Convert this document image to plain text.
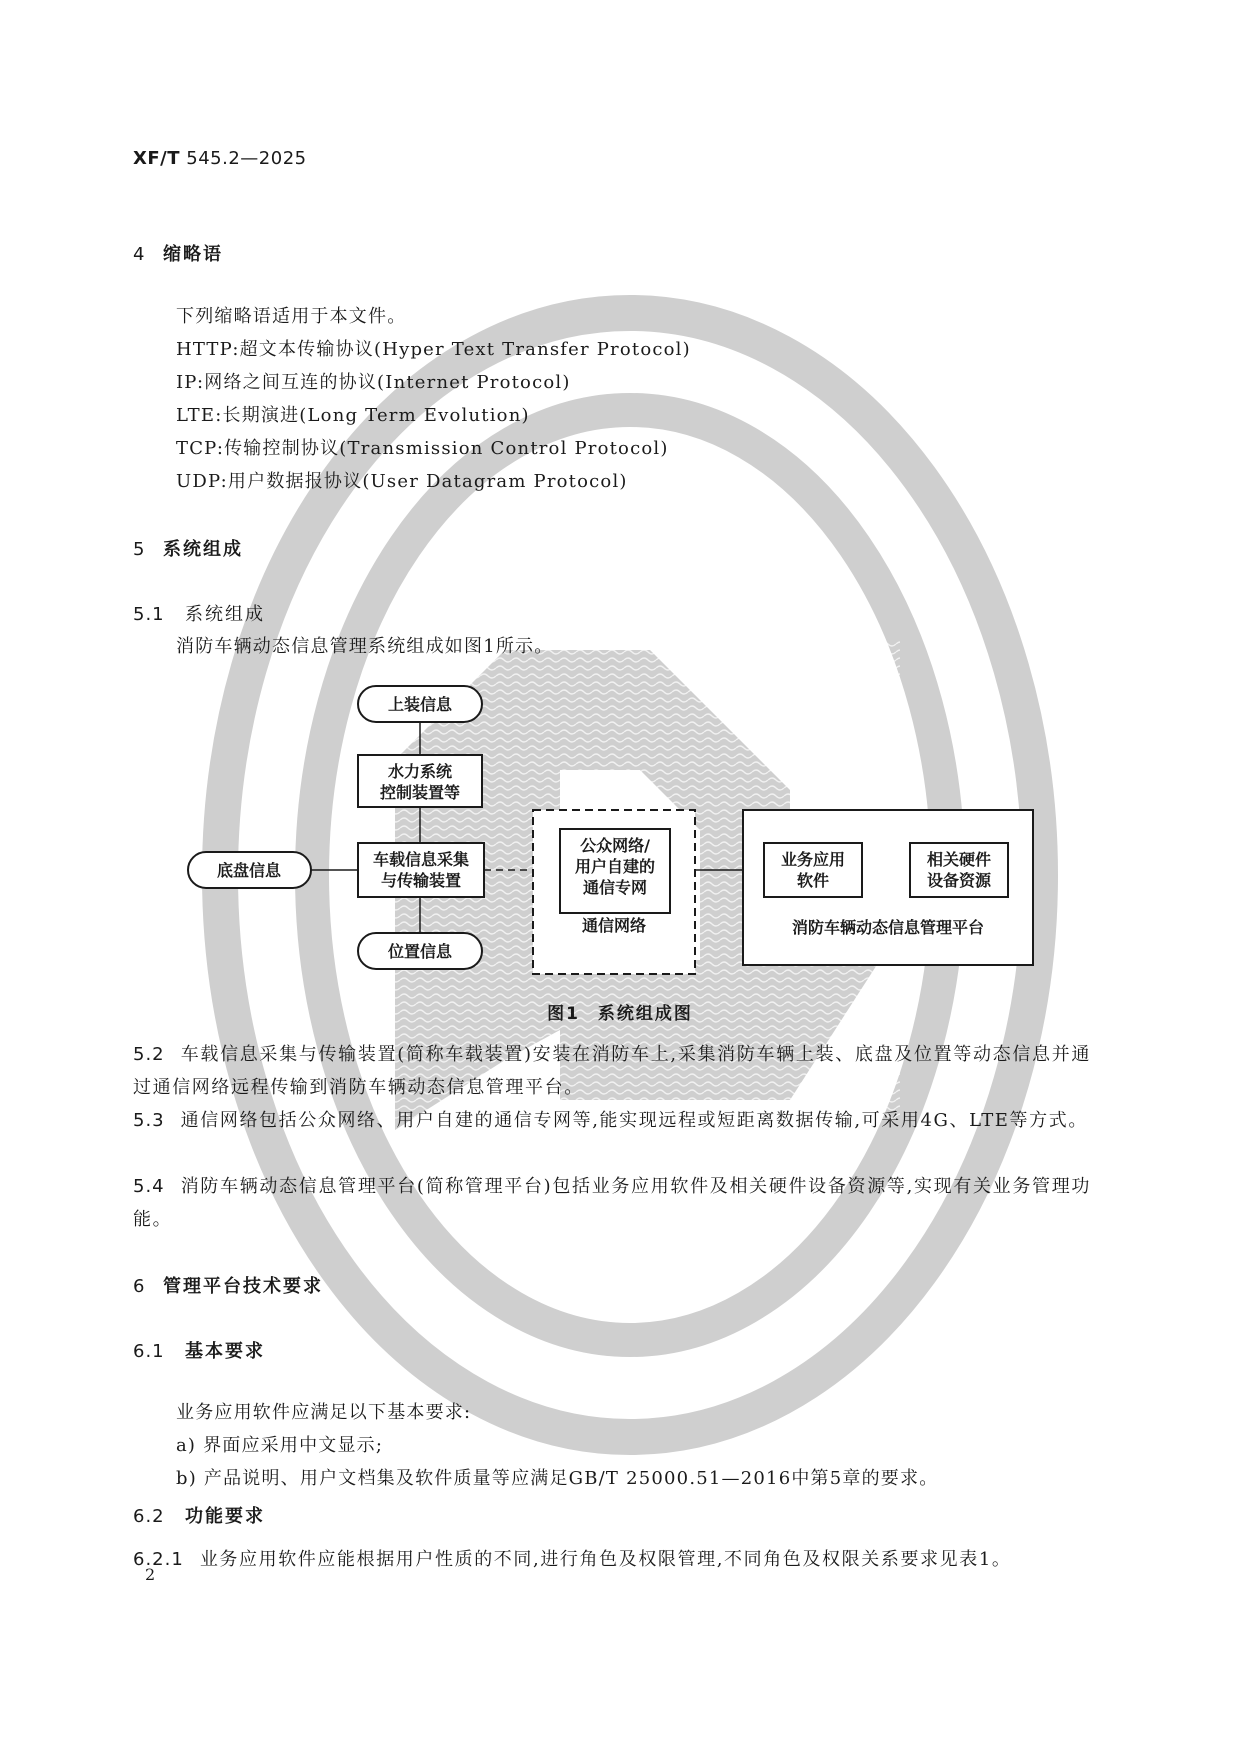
XF/T 545.2—2025
4 缩略语
下列缩略语适用于本文件。
HTTP:超文本传输协议(Hyper Text Transfer Protocol)
IP:网络之间互连的协议(Internet Protocol)
LTE:长期演进(Long Term Evolution)
TCP:传输控制协议(Transmission Control Protocol)
UDP:用户数据报协议(User Datagram Protocol)
5 系统组成
5.1 系统组成
消防车辆动态信息管理系统组成如图1所示。
上装信息
水力系统
控制装置等
底盘信息
车载信息采集
与传输装置
位置信息
公众网络/
用户自建的
通信专网
通信网络
业务应用
软件
相关硬件
设备资源
消防车辆动态信息管理平台
图1 系统组成图
5.2 车载信息采集与传输装置(简称车载装置)安装在消防车上,采集消防车辆上装、底盘及位置等动态信息并通过通信网络远程传输到消防车辆动态信息管理平台。
5.3 通信网络包括公众网络、用户自建的通信专网等,能实现远程或短距离数据传输,可采用4G、LTE等方式。
5.4 消防车辆动态信息管理平台(简称管理平台)包括业务应用软件及相关硬件设备资源等,实现有关业务管理功能。
6 管理平台技术要求
6.1 基本要求
业务应用软件应满足以下基本要求:
a) 界面应采用中文显示;
b) 产品说明、用户文档集及软件质量等应满足GB/T 25000.51—2016中第5章的要求。
6.2 功能要求
6.2.1 业务应用软件应能根据用户性质的不同,进行角色及权限管理,不同角色及权限关系要求见表1。
2
